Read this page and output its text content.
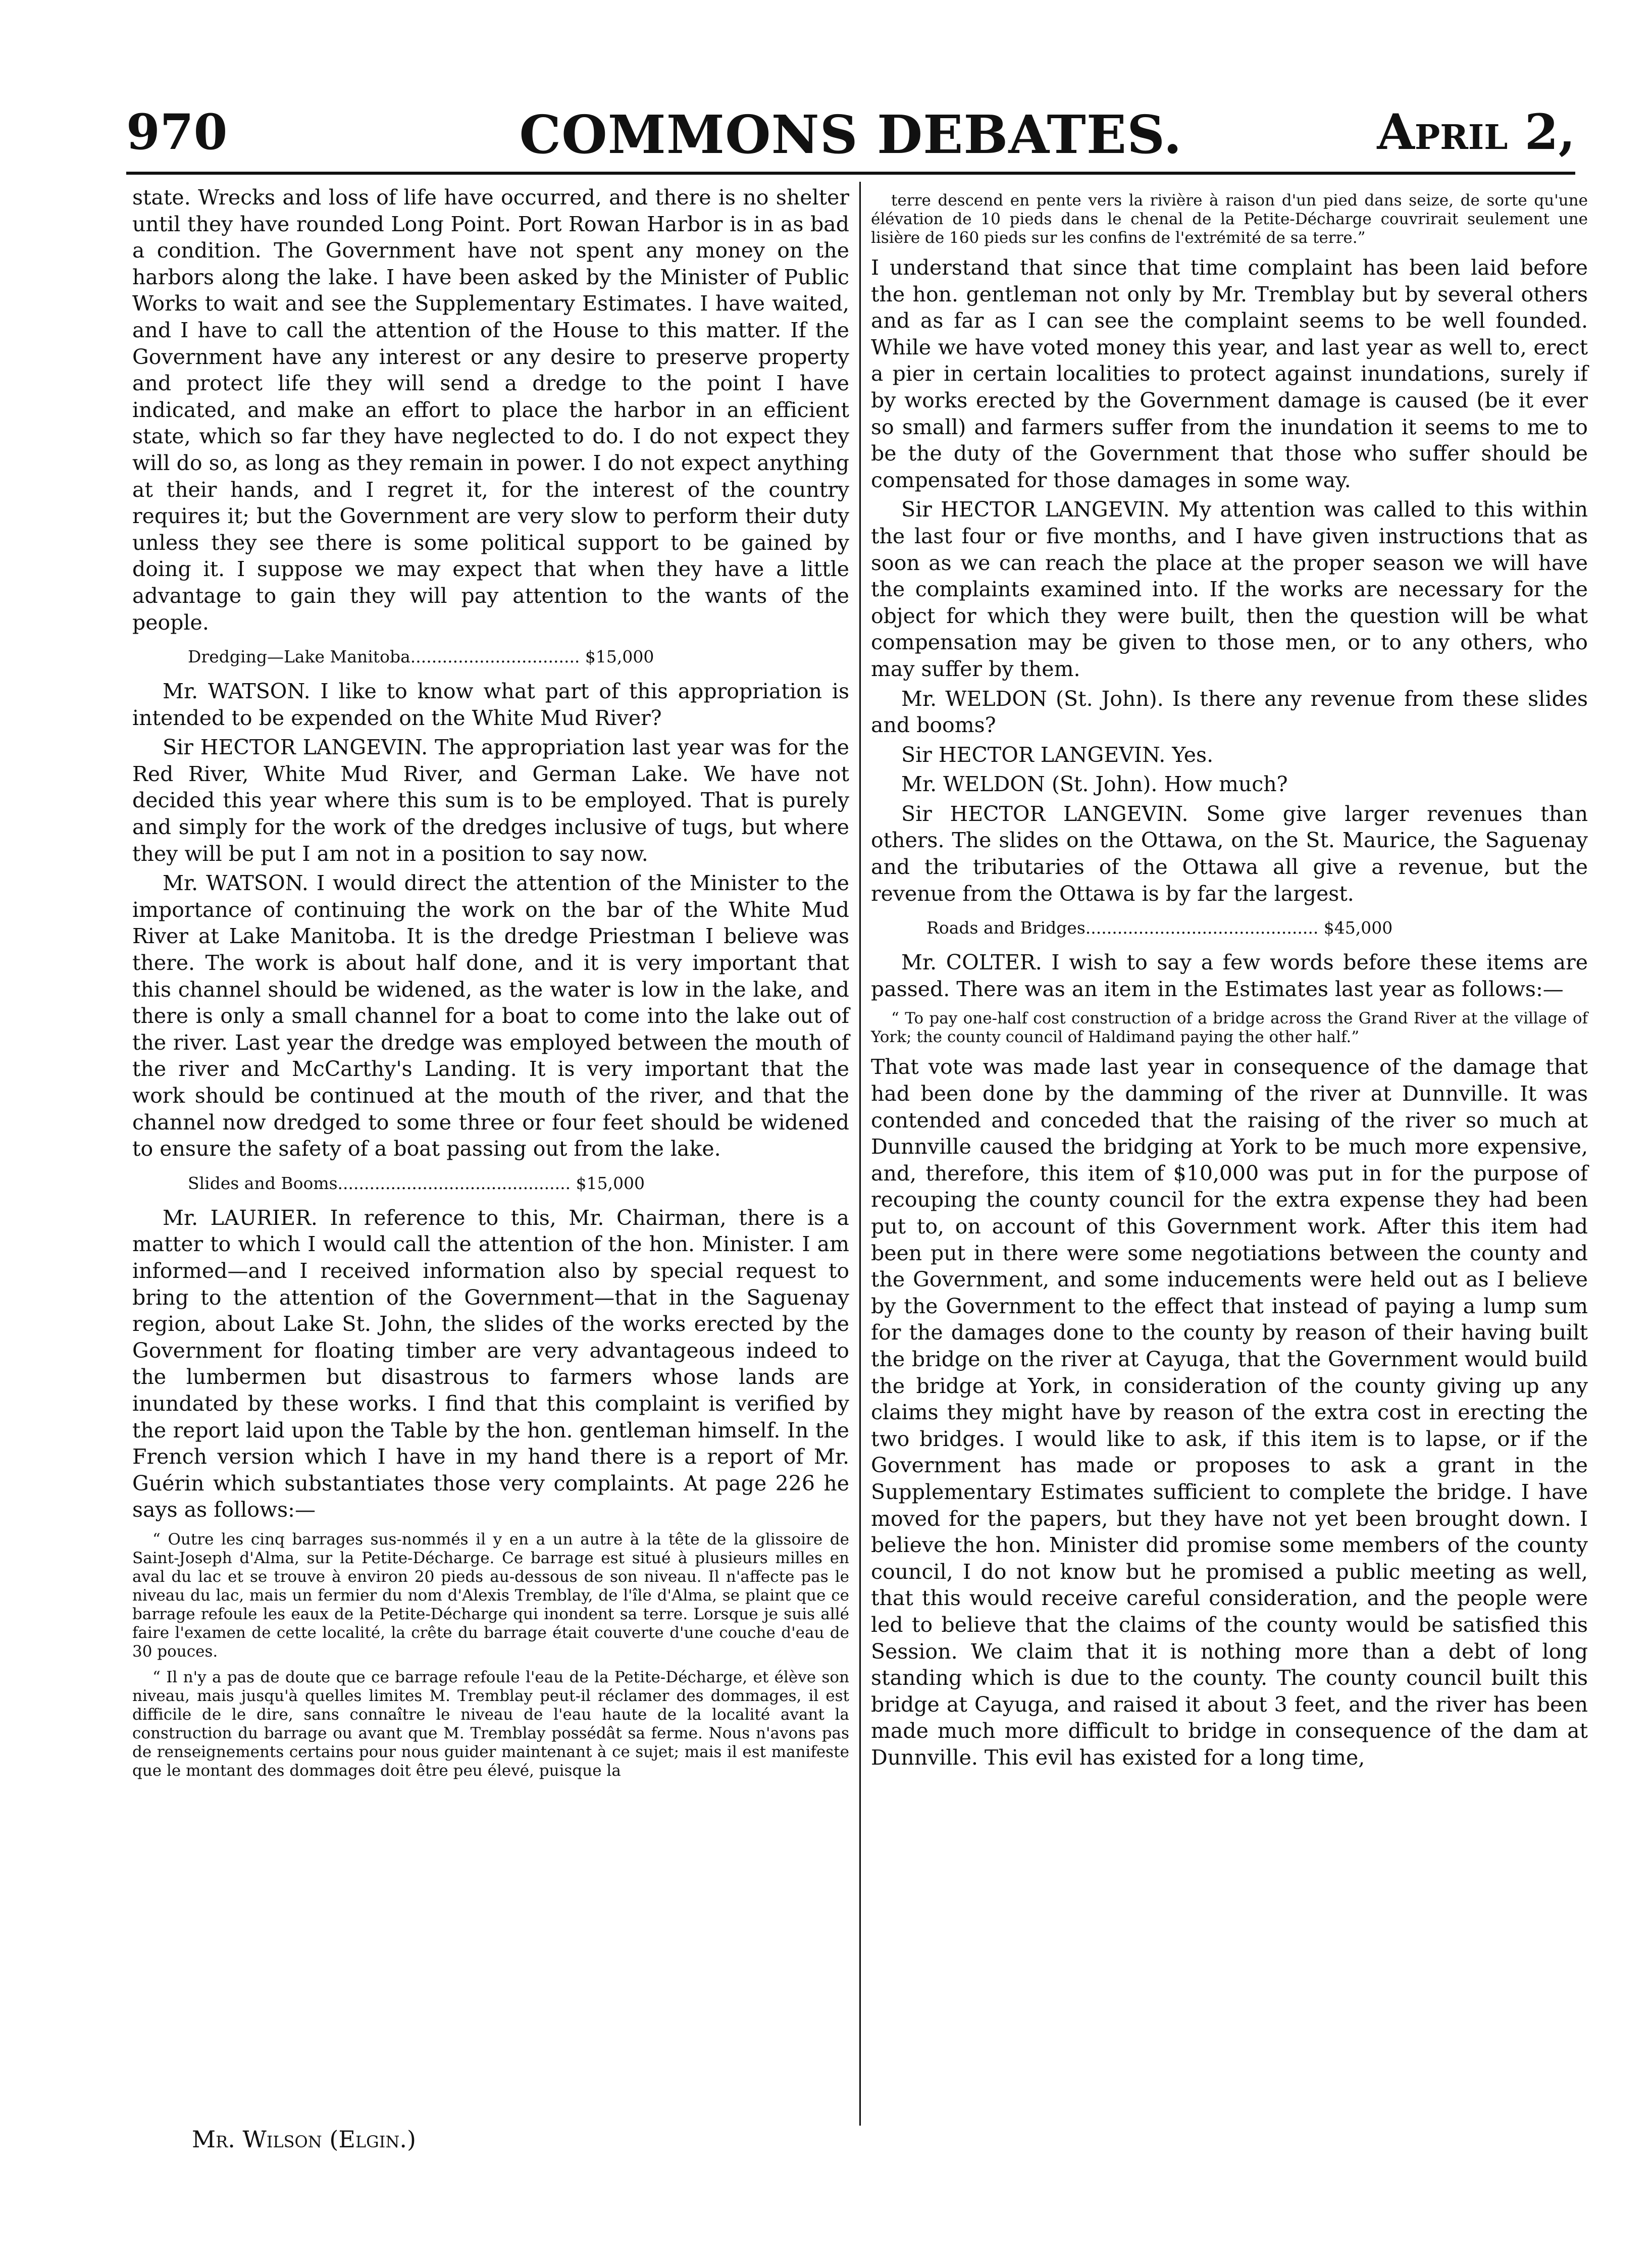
970	COMMONS DEBATES.	April 2,

state. Wrecks and loss of life have occurred, and there is no shelter until they have rounded Long Point. Port Rowan Harbor is in as bad a condition. The Government have not spent any money on the harbors along the lake. I have been asked by the Minister of Public Works to wait and see the Supplementary Estimates. I have waited, and I have to call the attention of the House to this matter. If the Government have any interest or any desire to preserve property and protect life they will send a dredge to the point I have indicated, and make an effort to place the harbor in an efficient state, which so far they have neglected to do. I do not expect they will do so, as long as they remain in power. I do not expect anything at their hands, and I regret it, for the interest of the country requires it; but the Government are very slow to perform their duty unless they see there is some political support to be gained by doing it. I suppose we may expect that when they have a little advantage to gain they will pay attention to the wants of the people.

Dredging—Lake Manitoba................................ $15,000

Mr. WATSON. I like to know what part of this appropriation is intended to be expended on the White Mud River?

Sir HECTOR LANGEVIN. The appropriation last year was for the Red River, White Mud River, and German Lake. We have not decided this year where this sum is to be employed. That is purely and simply for the work of the dredges inclusive of tugs, but where they will be put I am not in a position to say now.

Mr. WATSON. I would direct the attention of the Minister to the importance of continuing the work on the bar of the White Mud River at Lake Manitoba. It is the dredge Priestman I believe was there. The work is about half done, and it is very important that this channel should be widened, as the water is low in the lake, and there is only a small channel for a boat to come into the lake out of the river. Last year the dredge was employed between the mouth of the river and McCarthy's Landing. It is very important that the work should be continued at the mouth of the river, and that the channel now dredged to some three or four feet should be widened to ensure the safety of a boat passing out from the lake.

Slides and Booms............................................ $15,000

Mr. LAURIER. In reference to this, Mr. Chairman, there is a matter to which I would call the attention of the hon. Minister. I am informed—and I received information also by special request to bring to the attention of the Government—that in the Saguenay region, about Lake St. John, the slides of the works erected by the Government for floating timber are very advantageous indeed to the lumbermen but disastrous to farmers whose lands are inundated by these works. I find that this complaint is verified by the report laid upon the Table by the hon. gentleman himself. In the French version which I have in my hand there is a report of Mr. Guérin which substantiates those very complaints. At page 226 he says as follows:—

“ Outre les cinq barrages sus-nommés il y en a un autre à la tête de la glissoire de Saint-Joseph d'Alma, sur la Petite-Décharge. Ce barrage est situé à plusieurs milles en aval du lac et se trouve à environ 20 pieds au-dessous de son niveau. Il n'affecte pas le niveau du lac, mais un fermier du nom d'Alexis Tremblay, de l'île d'Alma, se plaint que ce barrage refoule les eaux de la Petite-Décharge qui inondent sa terre. Lorsque je suis allé faire l'examen de cette localité, la crête du barrage était couverte d'une couche d'eau de 30 pouces.

“ Il n'y a pas de doute que ce barrage refoule l'eau de la Petite-Décharge, et élève son niveau, mais jusqu'à quelles limites M. Tremblay peut-il réclamer des dommages, il est difficile de le dire, sans connaître le niveau de l'eau haute de la localité avant la construction du barrage ou avant que M. Tremblay possédât sa ferme. Nous n'avons pas de renseignements certains pour nous guider maintenant à ce sujet; mais il est manifeste que le montant des dommages doit être peu élevé, puisque la

terre descend en pente vers la rivière à raison d'un pied dans seize, de sorte qu'une élévation de 10 pieds dans le chenal de la Petite-Décharge couvrirait seulement une lisière de 160 pieds sur les confins de l'extrémité de sa terre.”

I understand that since that time complaint has been laid before the hon. gentleman not only by Mr. Tremblay but by several others and as far as I can see the complaint seems to be well founded. While we have voted money this year, and last year as well to, erect a pier in certain localities to protect against inundations, surely if by works erected by the Government damage is caused (be it ever so small) and farmers suffer from the inundation it seems to me to be the duty of the Government that those who suffer should be compensated for those damages in some way.

Sir HECTOR LANGEVIN. My attention was called to this within the last four or five months, and I have given instructions that as soon as we can reach the place at the proper season we will have the complaints examined into. If the works are necessary for the object for which they were built, then the question will be what compensation may be given to those men, or to any others, who may suffer by them.

Mr. WELDON (St. John). Is there any revenue from these slides and booms?

Sir HECTOR LANGEVIN. Yes.

Mr. WELDON (St. John). How much?

Sir HECTOR LANGEVIN. Some give larger revenues than others. The slides on the Ottawa, on the St. Maurice, the Saguenay and the tributaries of the Ottawa all give a revenue, but the revenue from the Ottawa is by far the largest.

Roads and Bridges............................................ $45,000

Mr. COLTER. I wish to say a few words before these items are passed. There was an item in the Estimates last year as follows:—

“ To pay one-half cost construction of a bridge across the Grand River at the village of York; the county council of Haldimand paying the other half.”

That vote was made last year in consequence of the damage that had been done by the damming of the river at Dunnville. It was contended and conceded that the raising of the river so much at Dunnville caused the bridging at York to be much more expensive, and, therefore, this item of $10,000 was put in for the purpose of recouping the county council for the extra expense they had been put to, on account of this Government work. After this item had been put in there were some negotiations between the county and the Government, and some inducements were held out as I believe by the Government to the effect that instead of paying a lump sum for the damages done to the county by reason of their having built the bridge on the river at Cayuga, that the Government would build the bridge at York, in consideration of the county giving up any claims they might have by reason of the extra cost in erecting the two bridges. I would like to ask, if this item is to lapse, or if the Government has made or proposes to ask a grant in the Supplementary Estimates sufficient to complete the bridge. I have moved for the papers, but they have not yet been brought down. I believe the hon. Minister did promise some members of the county council, I do not know but he promised a public meeting as well, that this would receive careful consideration, and the people were led to believe that the claims of the county would be satisfied this Session. We claim that it is nothing more than a debt of long standing which is due to the county. The county council built this bridge at Cayuga, and raised it about 3 feet, and the river has been made much more difficult to bridge in consequence of the dam at Dunnville. This evil has existed for a long time,

Mr. Wilson (Elgin.)
